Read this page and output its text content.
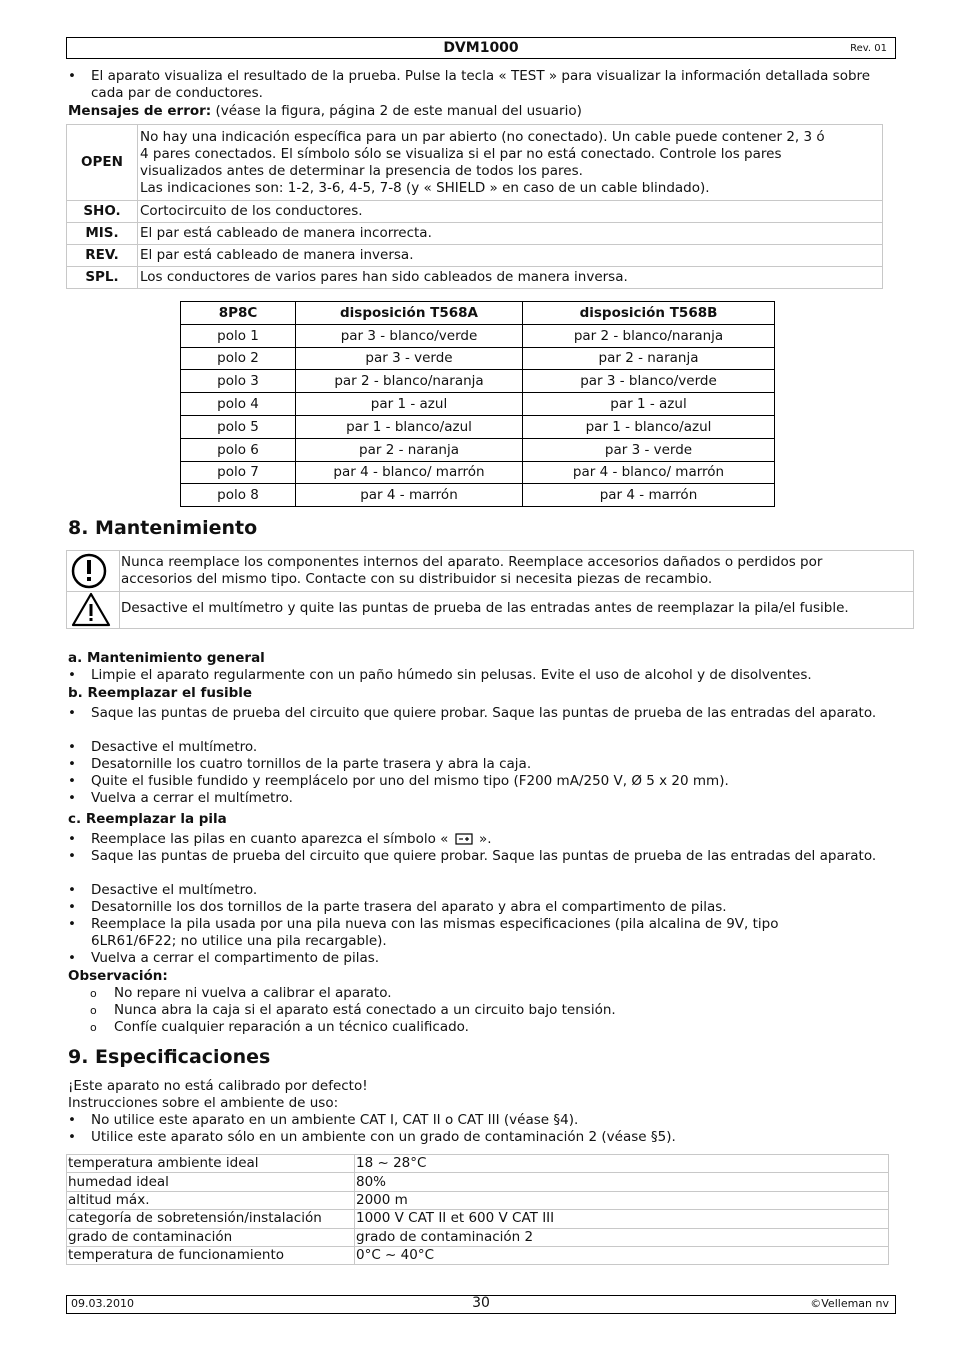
DVM1000	Rev. 01
• El aparato visualiza el resultado de la prueba. Pulse la tecla « TEST » para visualizar la información detallada sobre cada par de conductores.
Mensajes de error: (véase la figura, página 2 de este manual del usuario)
OPEN	No hay una indicación específica para un par abierto (no conectado). Un cable puede contener 2, 3 ó
4 pares conectados. El símbolo sólo se visualiza si el par no está conectado. Controle los pares
visualizados antes de determinar la presencia de todos los pares.
Las indicaciones son: 1-2, 3-6, 4-5, 7-8 (y « SHIELD » en caso de un cable blindado).

SHO.	Cortocircuito de los conductores.
MIS.	El par está cableado de manera incorrecta.
REV.	El par está cableado de manera inversa.
SPL.	Los conductores de varios pares han sido cableados de manera inversa.
8P8C	disposición T568A	disposición T568B
polo 1	par 3 - blanco/verde	par 2 - blanco/naranja
polo 2	par 3 - verde	par 2 - naranja
polo 3	par 2 - blanco/naranja	par 3 - blanco/verde
polo 4	par 1 - azul	par 1 - azul
polo 5	par 1 - blanco/azul	par 1 - blanco/azul
polo 6	par 2 - naranja	par 3 - verde
polo 7	par 4 - blanco/ marrón	par 4 - blanco/ marrón
polo 8	par 4 - marrón	par 4 - marrón
8. Mantenimiento
Nunca reemplace los componentes internos del aparato. Reemplace accesorios dañados o perdidos por
accesorios del mismo tipo. Contacte con su distribuidor si necesita piezas de recambio.
Desactive el multímetro y quite las puntas de prueba de las entradas antes de reemplazar la pila/el fusible.
a. Mantenimiento general
• Limpie el aparato regularmente con un paño húmedo sin pelusas. Evite el uso de alcohol y de disolventes.
b. Reemplazar el fusible
• Saque las puntas de prueba del circuito que quiere probar. Saque las puntas de prueba de las entradas del aparato.
• Desactive el multímetro.
• Desatornille los cuatro tornillos de la parte trasera y abra la caja.
• Quite el fusible fundido y reemplácelo por uno del mismo tipo (F200 mA/250 V, Ø 5 x 20 mm).
• Vuelva a cerrar el multímetro.
c. Reemplazar la pila
• Reemplace las pilas en cuanto aparezca el símbolo « ».
• Saque las puntas de prueba del circuito que quiere probar. Saque las puntas de prueba de las entradas del aparato.
• Desactive el multímetro.
• Desatornille los dos tornillos de la parte trasera del aparato y abra el compartimento de pilas.
• Reemplace la pila usada por una pila nueva con las mismas especificaciones (pila alcalina de 9V, tipo 6LR61/6F22; no utilice una pila recargable).
• Vuelva a cerrar el compartimento de pilas.
Observación:
o No repare ni vuelva a calibrar el aparato.
o Nunca abra la caja si el aparato está conectado a un circuito bajo tensión.
o Confíe cualquier reparación a un técnico cualificado.
9. Especificaciones
¡Este aparato no está calibrado por defecto!
Instrucciones sobre el ambiente de uso:
• No utilice este aparato en un ambiente CAT I, CAT II o CAT III (véase §4).
• Utilice este aparato sólo en un ambiente con un grado de contaminación 2 (véase §5).
temperatura ambiente ideal	18 ~ 28°C
humedad ideal	80%
altitud máx.	2000 m
categoría de sobretensión/instalación	1000 V CAT II et 600 V CAT III
grado de contaminación	grado de contaminación 2
temperatura de funcionamiento	0°C ~ 40°C
09.03.2010	30	©Velleman nv
